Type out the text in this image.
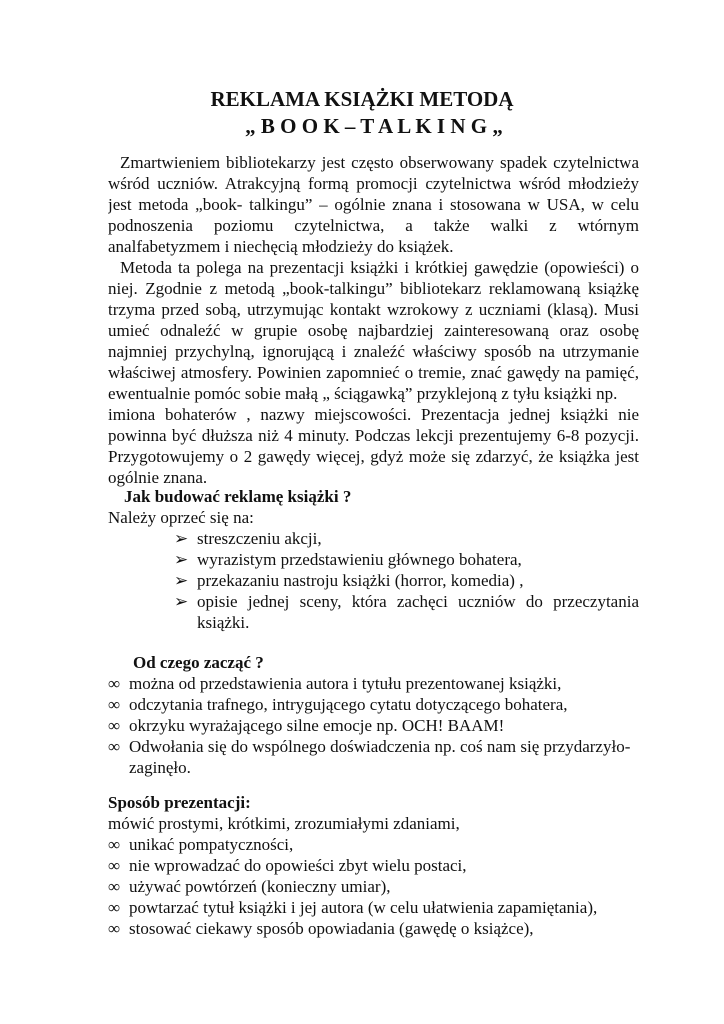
REKLAMA KSIĄŻKI METODĄ
„ B O O K – T A L K I N G „
Zmartwieniem bibliotekarzy jest często obserwowany spadek czytelnictwa
wśród uczniów. Atrakcyjną formą promocji czytelnictwa wśród młodzieży
jest metoda „book- talkingu” – ogólnie znana i stosowana w USA, w celu
podnoszenia poziomu czytelnictwa, a także walki z wtórnym
analfabetyzmem i niechęcią młodzieży do książek.
Metoda ta polega na prezentacji książki i krótkiej gawędzie (opowieści) o
niej. Zgodnie z metodą „book-talkingu” bibliotekarz reklamowaną książkę
trzyma przed sobą, utrzymując kontakt wzrokowy z uczniami (klasą). Musi
umieć odnaleźć w grupie osobę najbardziej zainteresowaną oraz osobę
najmniej przychylną, ignorującą i znaleźć właściwy sposób na utrzymanie
właściwej atmosfery. Powinien zapomnieć o tremie, znać gawędy na pamięć,
ewentualnie pomóc sobie małą „ ściągawką” przyklejoną z tyłu książki np.
imiona bohaterów , nazwy miejscowości. Prezentacja jednej książki nie
powinna być dłuższa niż 4 minuty. Podczas lekcji prezentujemy 6-8 pozycji.
Przygotowujemy o 2 gawędy więcej, gdyż może się zdarzyć, że książka jest
ogólnie znana.
Jak budować reklamę książki ?
Należy oprzeć się na:
➢ streszczeniu akcji,
➢ wyrazistym przedstawieniu głównego bohatera,
➢ przekazaniu nastroju książki (horror, komedia) ,
➢ opisie jednej sceny, która zachęci uczniów do przeczytania
książki.
Od czego zacząć ?
∞ można od przedstawienia autora i tytułu prezentowanej książki,
∞ odczytania trafnego, intrygującego cytatu dotyczącego bohatera,
∞ okrzyku wyrażającego silne emocje np. OCH! BAAM!
∞ Odwołania się do wspólnego doświadczenia np. coś nam się przydarzyło-
zaginęło.
Sposób prezentacji:
mówić prostymi, krótkimi, zrozumiałymi zdaniami,
∞ unikać pompatyczności,
∞ nie wprowadzać do opowieści zbyt wielu postaci,
∞ używać powtórzeń (konieczny umiar),
∞ powtarzać tytuł książki i jej autora (w celu ułatwienia zapamiętania),
∞ stosować ciekawy sposób opowiadania (gawędę o książce),
